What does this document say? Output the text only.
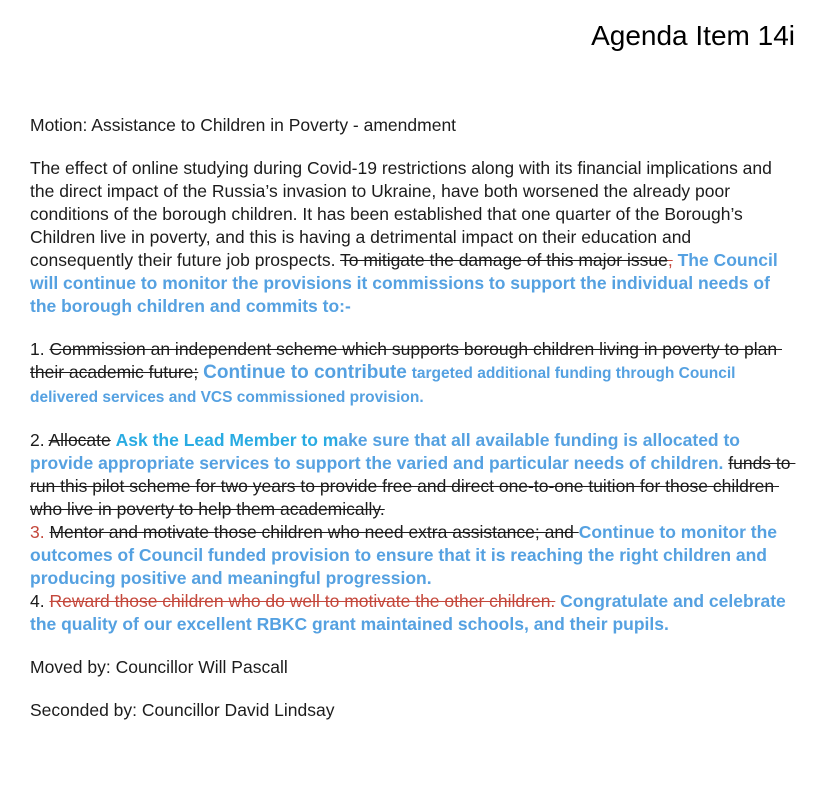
Agenda Item 14i

Motion: Assistance to Children in Poverty - amendment

The effect of online studying during Covid-19 restrictions along with its financial implications and the direct impact of the Russia’s invasion to Ukraine, have both worsened the already poor conditions of the borough children. It has been established that one quarter of the Borough’s Children live in poverty, and this is having a detrimental impact on their education and consequently their future job prospects. To mitigate the damage of this major issue, The Council will continue to monitor the provisions it commissions to support the individual needs of the borough children and commits to:-

1. Commission an independent scheme which supports borough children living in poverty to plan their academic future; Continue to contribute targeted additional funding through Council delivered services and VCS commissioned provision.

2. Allocate Ask the Lead Member to make sure that all available funding is allocated to provide appropriate services to support the varied and particular needs of children. funds to run this pilot scheme for two years to provide free and direct one-to-one tuition for those children who live in poverty to help them academically.

3. Mentor and motivate those children who need extra assistance; and Continue to monitor the outcomes of Council funded provision to ensure that it is reaching the right children and producing positive and meaningful progression.

4. Reward those children who do well to motivate the other children. Congratulate and celebrate the quality of our excellent RBKC grant maintained schools, and their pupils.

Moved by: Councillor Will Pascall

Seconded by: Councillor David Lindsay
